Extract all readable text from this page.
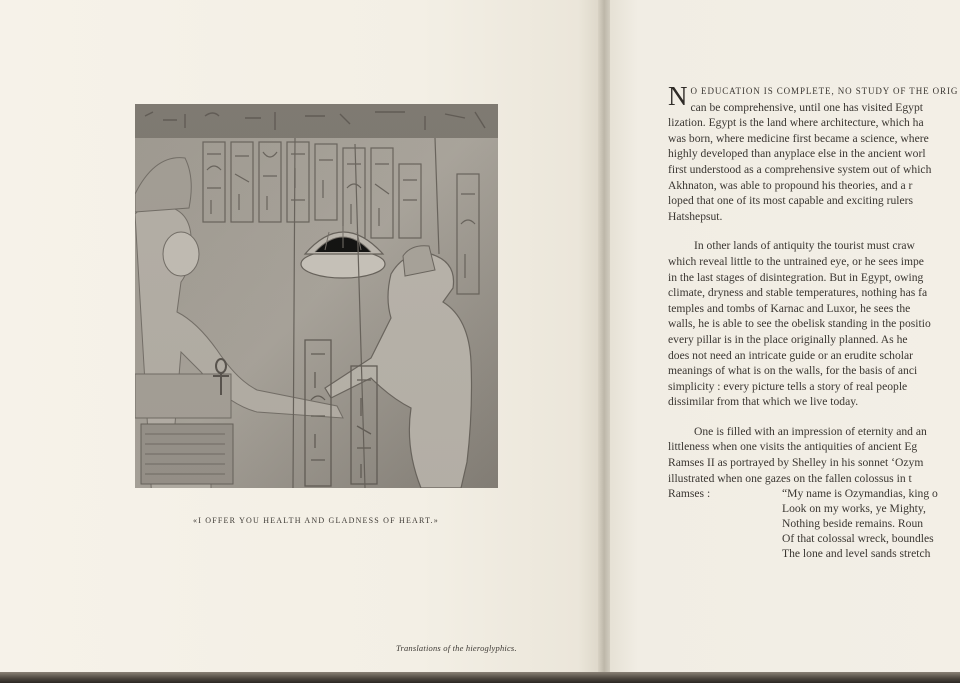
«I OFFER YOU HEALTH AND GLADNESS OF HEART.»
Translations of the hieroglyphics.
N O EDUCATION IS COMPLETE, NO STUDY OF THE ORIG
can be comprehensive, until one has visited Egypt
lization. Egypt is the land where architecture, which ha
was born, where medicine first became a science, where
highly developed than anyplace else in the ancient worl
first understood as a comprehensive system out of which
Akhnaton, was able to propound his theories, and a r
loped that one of its most capable and exciting rulers
Hatshepsut.
In other lands of antiquity the tourist must craw
which reveal little to the untrained eye, or he sees impe
in the last stages of disintegration. But in Egypt, owing
climate, dryness and stable temperatures, nothing has fa
temples and tombs of Karnac and Luxor, he sees the
walls, he is able to see the obelisk standing in the positio
every pillar is in the place originally planned. As he
does not need an intricate guide or an erudite scholar
meanings of what is on the walls, for the basis of anci
simplicity : every picture tells a story of real people
dissimilar from that which we live today.
One is filled with an impression of eternity and an
littleness when one visits the antiquities of ancient Eg
Ramses II as portrayed by Shelley in his sonnet ‘Ozym
illustrated when one gazes on the fallen colossus in t
Ramses :	“My name is Ozymandias, king o
Look on my works, ye Mighty,
Nothing beside remains. Roun
Of that colossal wreck, boundles
The lone and level sands stretch
